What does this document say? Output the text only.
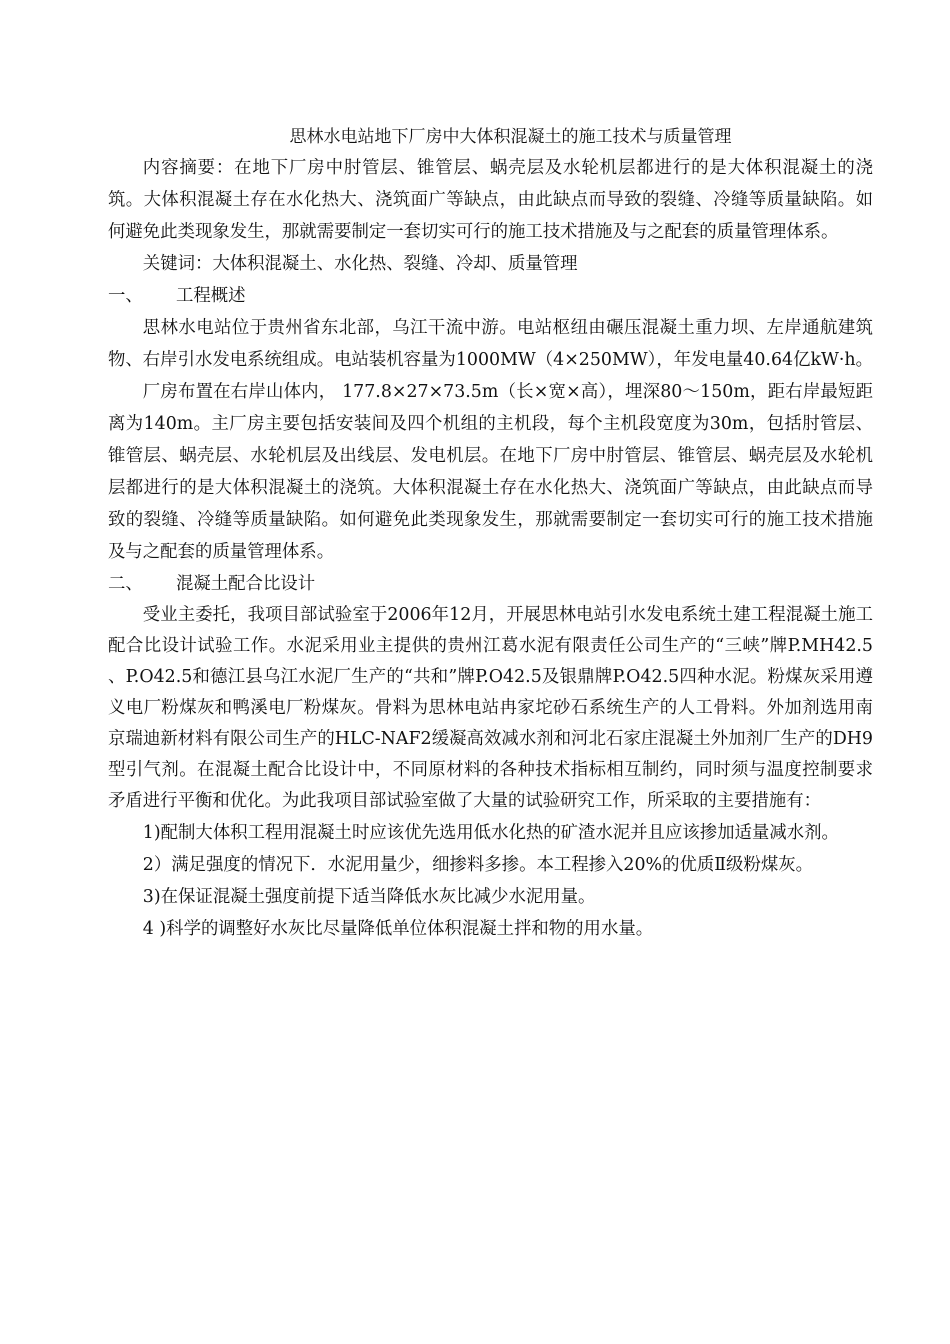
思林水电站地下厂房中大体积混凝土的施工技术与质量管理

内容摘要：在地下厂房中肘管层、锥管层、蜗壳层及水轮机层都进行的是大体积混凝土的浇筑。大体积混凝土存在水化热大、浇筑面广等缺点，由此缺点而导致的裂缝、冷缝等质量缺陷。如何避免此类现象发生，那就需要制定一套切实可行的施工技术措施及与之配套的质量管理体系。

关键词：大体积混凝土、水化热、裂缝、冷却、质量管理

一、 工程概述

思林水电站位于贵州省东北部，乌江干流中游。电站枢纽由碾压混凝土重力坝、左岸通航建筑物、右岸引水发电系统组成。电站装机容量为1000MW（4×250MW），年发电量40.64亿kW·h。

厂房布置在右岸山体内， 177.8×27×73.5m（长×宽×高），埋深80～150m，距右岸最短距离为140m。主厂房主要包括安装间及四个机组的主机段，每个主机段宽度为30m，包括肘管层、锥管层、蜗壳层、水轮机层及出线层、发电机层。在地下厂房中肘管层、锥管层、蜗壳层及水轮机层都进行的是大体积混凝土的浇筑。大体积混凝土存在水化热大、浇筑面广等缺点，由此缺点而导致的裂缝、冷缝等质量缺陷。如何避免此类现象发生，那就需要制定一套切实可行的施工技术措施及与之配套的质量管理体系。

二、 混凝土配合比设计

受业主委托，我项目部试验室于2006年12月，开展思林电站引水发电系统土建工程混凝土施工配合比设计试验工作。水泥采用业主提供的贵州江葛水泥有限责任公司生产的“三峡”牌P.MH42.5 、P.O42.5和德江县乌江水泥厂生产的“共和”牌P.O42.5及银鼎牌P.O42.5四种水泥。粉煤灰采用遵义电厂粉煤灰和鸭溪电厂粉煤灰。骨料为思林电站冉家坨砂石系统生产的人工骨料。外加剂选用南京瑞迪新材料有限公司生产的HLC-NAF2缓凝高效减水剂和河北石家庄混凝土外加剂厂生产的DH9型引气剂。在混凝土配合比设计中，不同原材料的各种技术指标相互制约，同时须与温度控制要求矛盾进行平衡和优化。为此我项目部试验室做了大量的试验研究工作，所采取的主要措施有：

1)配制大体积工程用混凝土时应该优先选用低水化热的矿渣水泥并且应该掺加适量减水剂。

2）满足强度的情况下．水泥用量少，细掺料多掺。本工程掺入20%的优质Ⅱ级粉煤灰。

3)在保证混凝土强度前提下适当降低水灰比减少水泥用量。

4 )科学的调整好水灰比尽量降低单位体积混凝土拌和物的用水量。
